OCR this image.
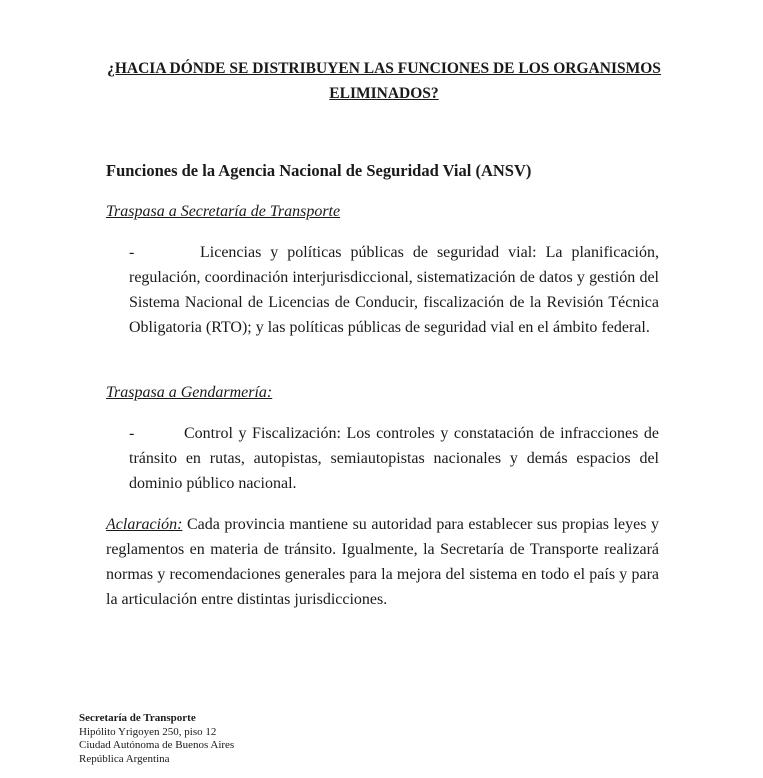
¿HACIA DÓNDE SE DISTRIBUYEN LAS FUNCIONES DE LOS ORGANISMOS ELIMINADOS?
Funciones de la Agencia Nacional de Seguridad Vial (ANSV)
Traspasa a Secretaría de Transporte
-	Licencias y políticas públicas de seguridad vial: La planificación, regulación, coordinación interjurisdiccional, sistematización de datos y gestión del Sistema Nacional de Licencias de Conducir, fiscalización de la Revisión Técnica Obligatoria (RTO); y las políticas públicas de seguridad vial en el ámbito federal.
Traspasa a Gendarmería:
-	Control y Fiscalización: Los controles y constatación de infracciones de tránsito en rutas, autopistas, semiautopistas nacionales y demás espacios del dominio público nacional.
Aclaración: Cada provincia mantiene su autoridad para establecer sus propias leyes y reglamentos en materia de tránsito. Igualmente, la Secretaría de Transporte realizará normas y recomendaciones generales para la mejora del sistema en todo el país y para la articulación entre distintas jurisdicciones.
Secretaría de Transporte
Hipólito Yrigoyen 250, piso 12
Ciudad Autónoma de Buenos Aires
República Argentina
